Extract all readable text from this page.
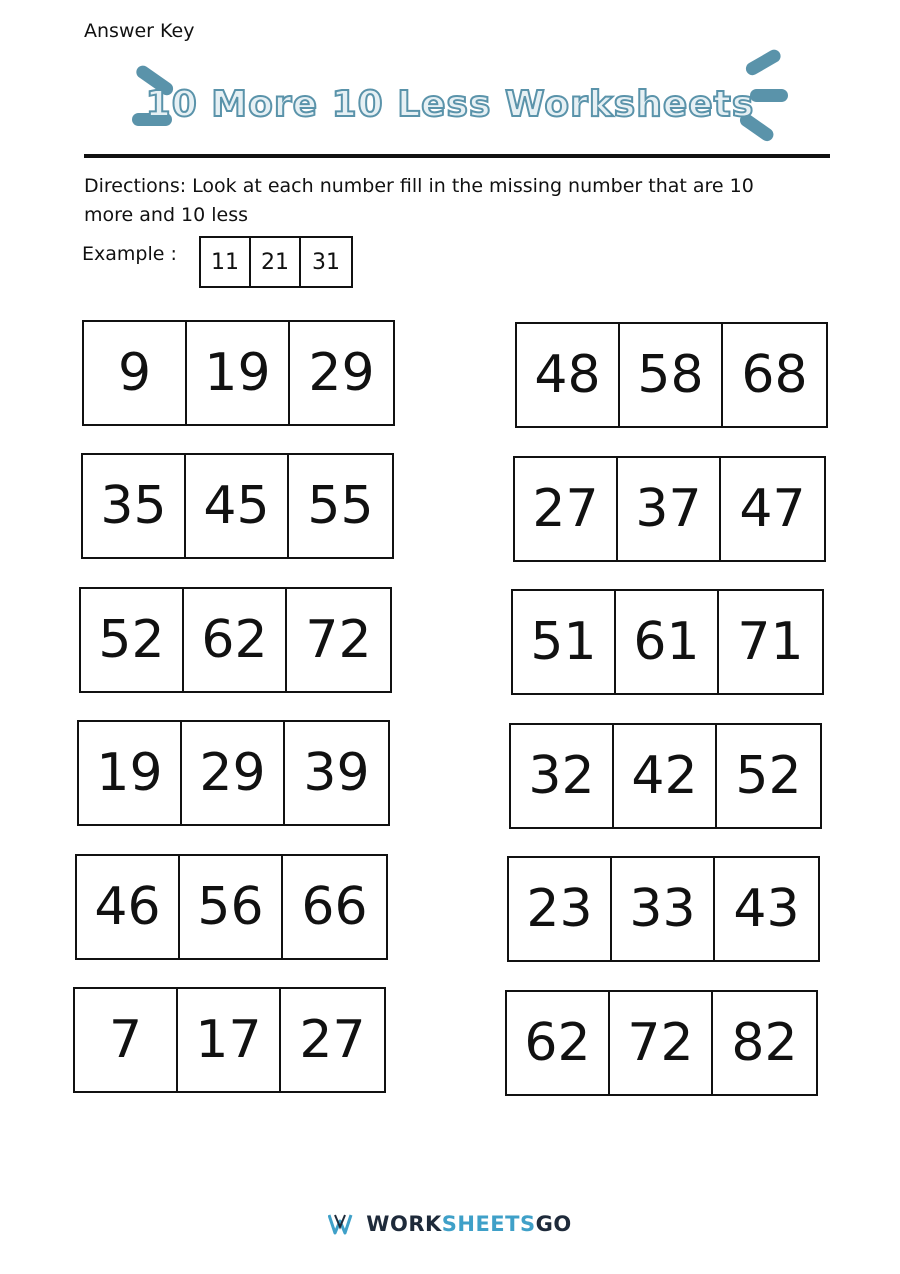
Answer Key
10 More 10 Less Worksheets
Directions: Look at each number fill in the missing number that are 10 more and 10 less
Example :	11	21	31
9	19 29
35 45 55
52 62 72
19 29 39
46 56 66
7	17 27
48 58 68
27 37 47
51 61 71
32 42 52
23 33 43
62 72 82
WORKSHEETSGO
